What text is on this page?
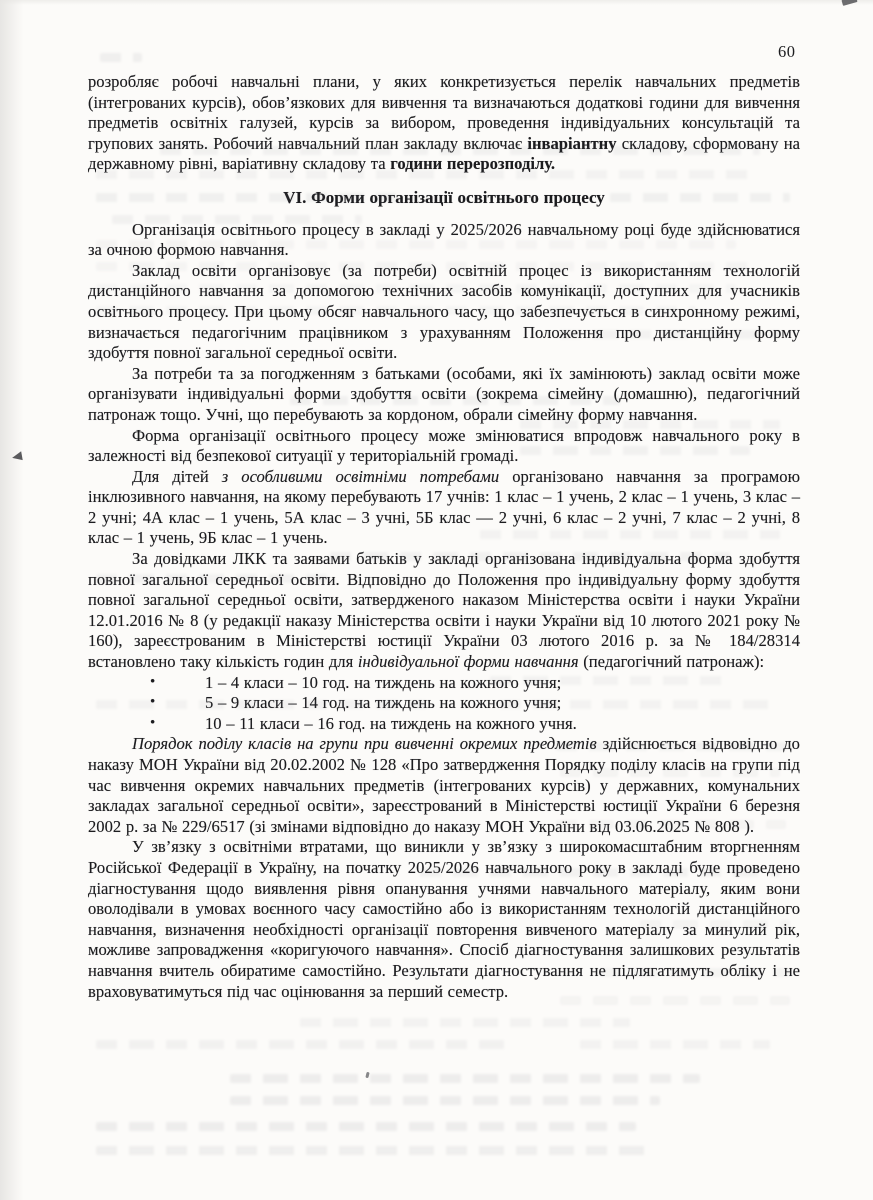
60

розробляє робочі навчальні плани, у яких конкретизується перелік навчальних предметів (інтегрованих курсів), обов’язкових для вивчення та визначаються додаткові години для вивчення предметів освітніх галузей, курсів за вибором, проведення індивідуальних консультацій та групових занять. Робочий навчальний план закладу включає інваріантну складову, сформовану на державному рівні, варіативну складову та години перерозподілу.

VI. Форми організації освітнього процесу

Організація освітнього процесу в закладі у 2025/2026 навчальному році буде здійснюватися за очною формою навчання.

Заклад освіти організовує (за потреби) освітній процес із використанням технологій дистанційного навчання за допомогою технічних засобів комунікації, доступних для учасників освітнього процесу. При цьому обсяг навчального часу, що забезпечується в синхронному режимі, визначається педагогічним працівником з урахуванням Положення про дистанційну форму здобуття повної загальної середньої освіти.

За потреби та за погодженням з батьками (особами, які їх замінюють) заклад освіти може організувати індивідуальні форми здобуття освіти (зокрема сімейну (домашню), педагогічний патронаж тощо. Учні, що перебувають за кордоном, обрали сімейну форму навчання.

Форма організації освітнього процесу може змінюватися впродовж навчального року в залежності від безпекової ситуації у територіальній громаді.

Для дітей з особливими освітніми потребами організовано навчання за програмою інклюзивного навчання, на якому перебувають 17 учнів: 1 клас – 1 учень, 2 клас – 1 учень, 3 клас – 2 учні; 4А клас – 1 учень, 5А клас – 3 учні, 5Б клас — 2 учні, 6 клас – 2 учні, 7 клас – 2 учні, 8 клас – 1 учень, 9Б клас – 1 учень.

За довідками ЛКК та заявами батьків у закладі організована індивідуальна форма здобуття повної загальної середньої освіти. Відповідно до Положення про індивідуальну форму здобуття повної загальної середньої освіти, затвердженого наказом Міністерства освіти і науки України 12.01.2016 № 8 (у редакції наказу Міністерства освіти і науки України від 10 лютого 2021 року № 160), зареєстрованим в Міністерстві юстиції України 03 лютого 2016 р. за № 184/28314 встановлено таку кількість годин для індивідуальної форми навчання (педагогічний патронаж):

•	1 – 4 класи – 10 год. на тиждень на кожного учня;

•	5 – 9 класи – 14 год. на тиждень на кожного учня;

•	10 – 11 класи – 16 год. на тиждень на кожного учня.

Порядок поділу класів на групи при вивченні окремих предметів здійснюється відвовідно до наказу МОН України від 20.02.2002 № 128 «Про затвердження Порядку поділу класів на групи під час вивчення окремих навчальних предметів (інтегрованих курсів) у державних, комунальних закладах загальної середньої освіти», зареєстрований в Міністерстві юстиції України 6 березня 2002 р. за № 229/6517 (зі змінами відповідно до наказу МОН України від 03.06.2025 № 808 ).

У зв’язку з освітніми втратами, що виникли у зв’язку з широкомасштабним вторгненням Російської Федерації в Україну, на початку 2025/2026 навчального року в закладі буде проведено діагностування щодо виявлення рівня опанування учнями навчального матеріалу, яким вони оволодівали в умовах воєнного часу самостійно або із використанням технологій дистанційного навчання, визначення необхідності організації повторення вивченого матеріалу за минулий рік, можливе запровадження «коригуючого навчання». Спосіб діагностування залишкових результатів навчання вчитель обиратиме самостійно. Результати діагностування не підлягатимуть обліку і не враховуватимуться під час оцінювання за перший семестр.
